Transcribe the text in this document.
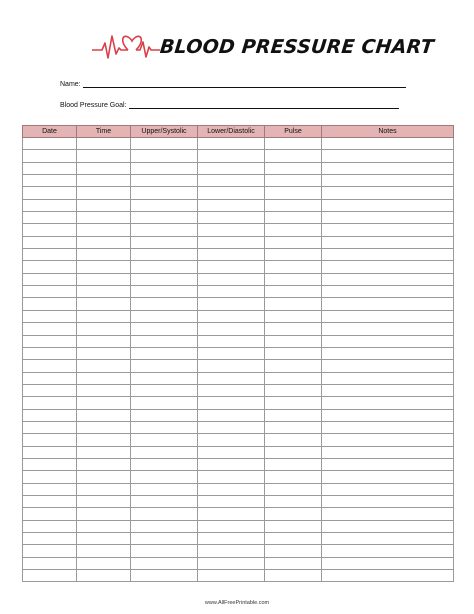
BLOOD PRESSURE CHART
Name:
Blood Pressure Goal:
Date	Time	Upper/Systolic	Lower/Diastolic	Pulse	Notes

www.AllFreePrintable.com
